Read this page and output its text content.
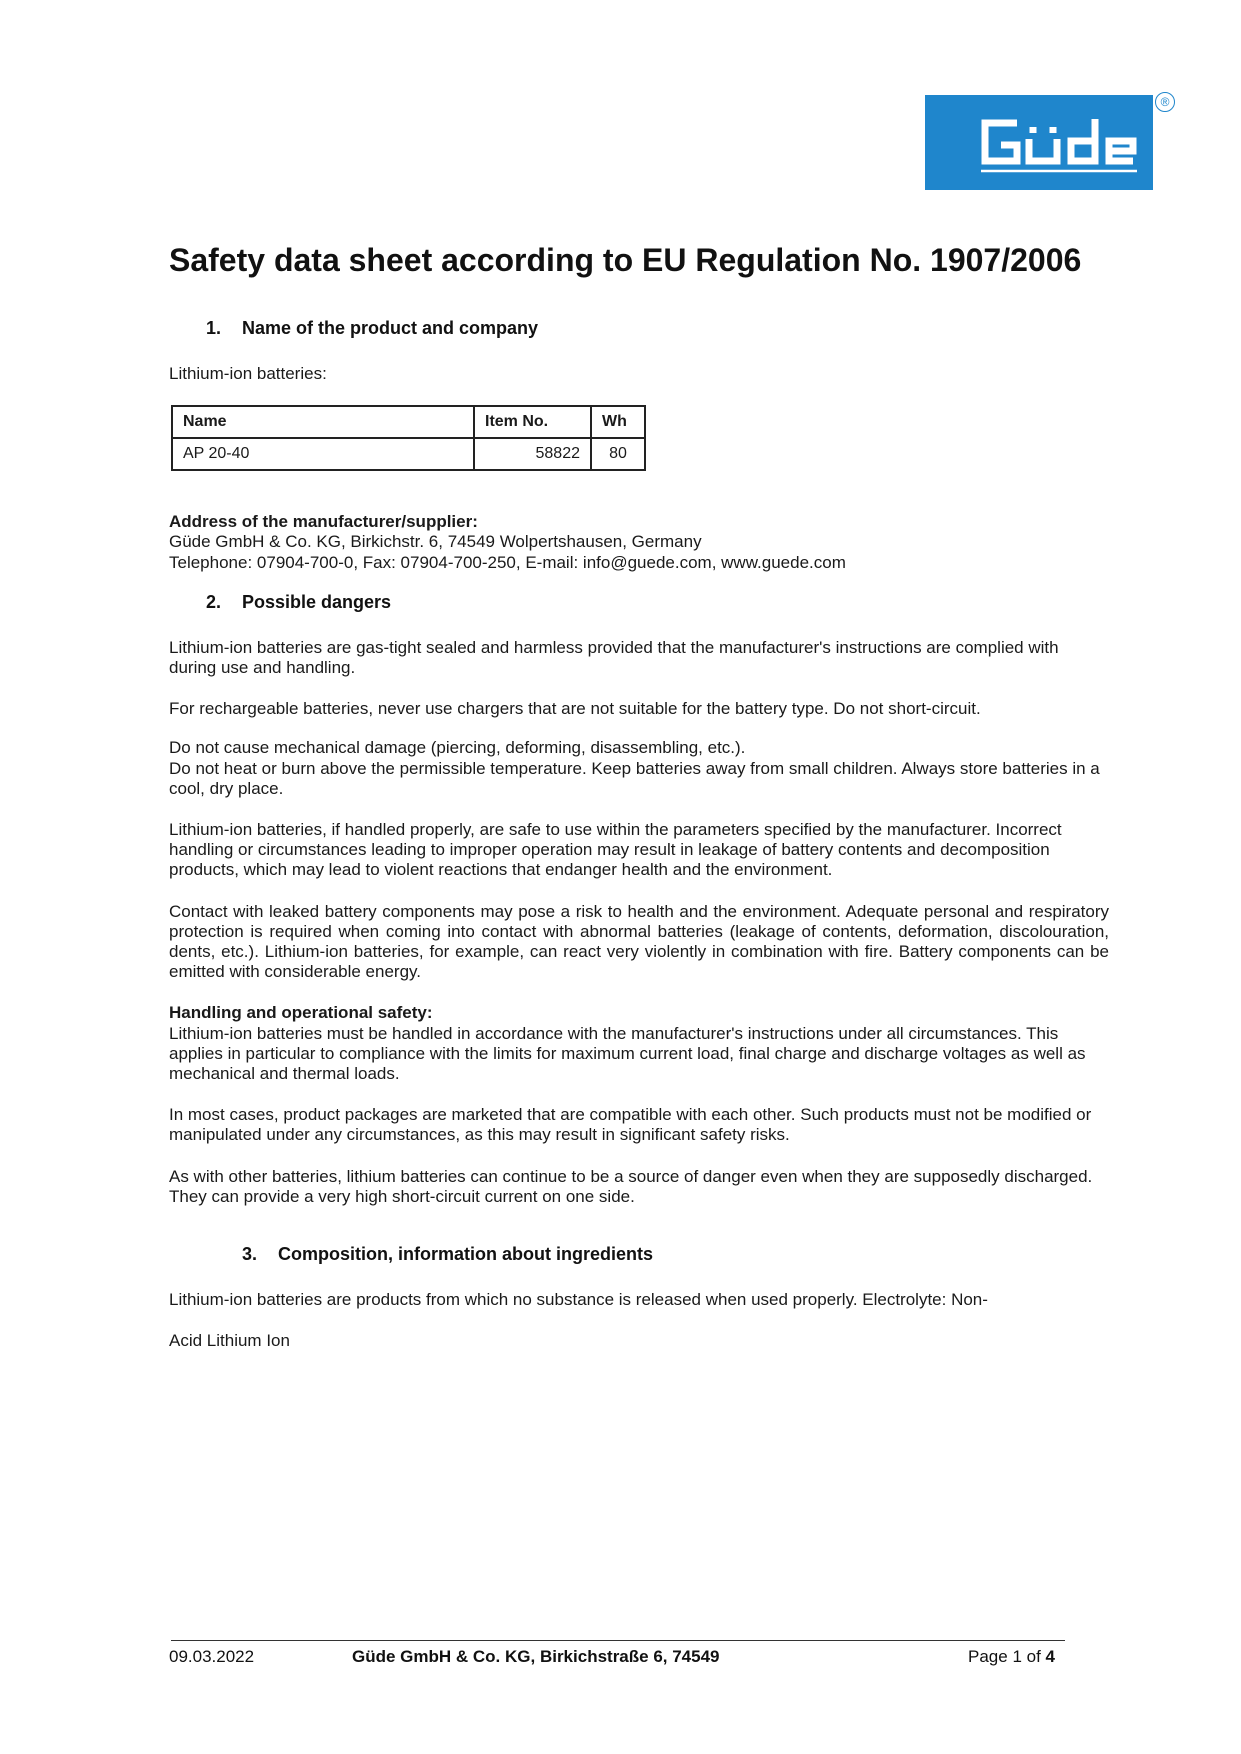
®
Safety data sheet according to EU Regulation No. 1907/2006

1. Name of the product and company

Lithium-ion batteries:

Name	Item No.	Wh
AP 20-40	58822	80

Address of the manufacturer/supplier:

Güde GmbH & Co. KG, Birkichstr. 6, 74549 Wolpertshausen, Germany

Telephone: 07904-700-0, Fax: 07904-700-250, E-mail: info@guede.com, www.guede.com

2. Possible dangers

Lithium-ion batteries are gas-tight sealed and harmless provided that the manufacturer's instructions are complied with during use and handling.

For rechargeable batteries, never use chargers that are not suitable for the battery type. Do not short-circuit.

Do not cause mechanical damage (piercing, deforming, disassembling, etc.).

Do not heat or burn above the permissible temperature. Keep batteries away from small children. Always store batteries in a cool, dry place.

Lithium-ion batteries, if handled properly, are safe to use within the parameters specified by the manufacturer. Incorrect handling or circumstances leading to improper operation may result in leakage of battery contents and decomposition products, which may lead to violent reactions that endanger health and the environment.

Contact with leaked battery components may pose a risk to health and the environment. Adequate personal and respiratory protection is required when coming into contact with abnormal batteries (leakage of contents, deformation, discolouration, dents, etc.). Lithium-ion batteries, for example, can react very violently in combination with fire. Battery components can be emitted with considerable energy.

Handling and operational safety:

Lithium-ion batteries must be handled in accordance with the manufacturer's instructions under all circumstances. This applies in particular to compliance with the limits for maximum current load, final charge and discharge voltages as well as mechanical and thermal loads.

In most cases, product packages are marketed that are compatible with each other. Such products must not be modified or manipulated under any circumstances, as this may result in significant safety risks.

As with other batteries, lithium batteries can continue to be a source of danger even when they are supposedly discharged. They can provide a very high short-circuit current on one side.

3. Composition, information about ingredients

Lithium-ion batteries are products from which no substance is released when used properly. Electrolyte: Non-

Acid Lithium Ion

09.03.2022	Güde GmbH & Co. KG, Birkichstraße 6, 74549	Page 1 of 4
